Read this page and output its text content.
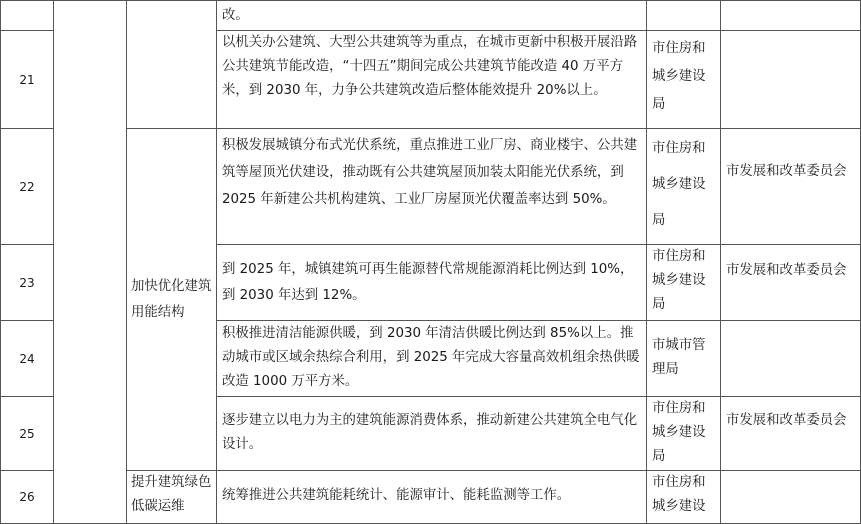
改。
21
以机关办公建筑、大型公共建筑等为重点，在城市更新中积极开展沿路公共建筑节能改造，“十四五”期间完成公共建筑节能改造 40 万平方米，到 2030 年，力争公共建筑改造后整体能效提升 20%以上。
市住房和城乡建设局
22
积极发展城镇分布式光伏系统，重点推进工业厂房、商业楼宇、公共建筑等屋顶光伏建设，推动既有公共建筑屋顶加装太阳能光伏系统，到 2025 年新建公共机构建筑、工业厂房屋顶光伏覆盖率达到 50%。
市住房和城乡建设局
市发展和改革委员会
加快优化建筑用能结构
23
到 2025 年，城镇建筑可再生能源替代常规能源消耗比例达到 10%，到 2030 年达到 12%。
市住房和城乡建设局
市发展和改革委员会
24
积极推进清洁能源供暖，到 2030 年清洁供暖比例达到 85%以上。推动城市或区域余热综合利用，到 2025 年完成大容量高效机组余热供暖改造 1000 万平方米。
市城市管理局
25
逐步建立以电力为主的建筑能源消费体系，推动新建公共建筑全电气化设计。
市住房和城乡建设局
市发展和改革委员会
26
提升建筑绿色低碳运维
统筹推进公共建筑能耗统计、能源审计、能耗监测等工作。
市住房和城乡建设
